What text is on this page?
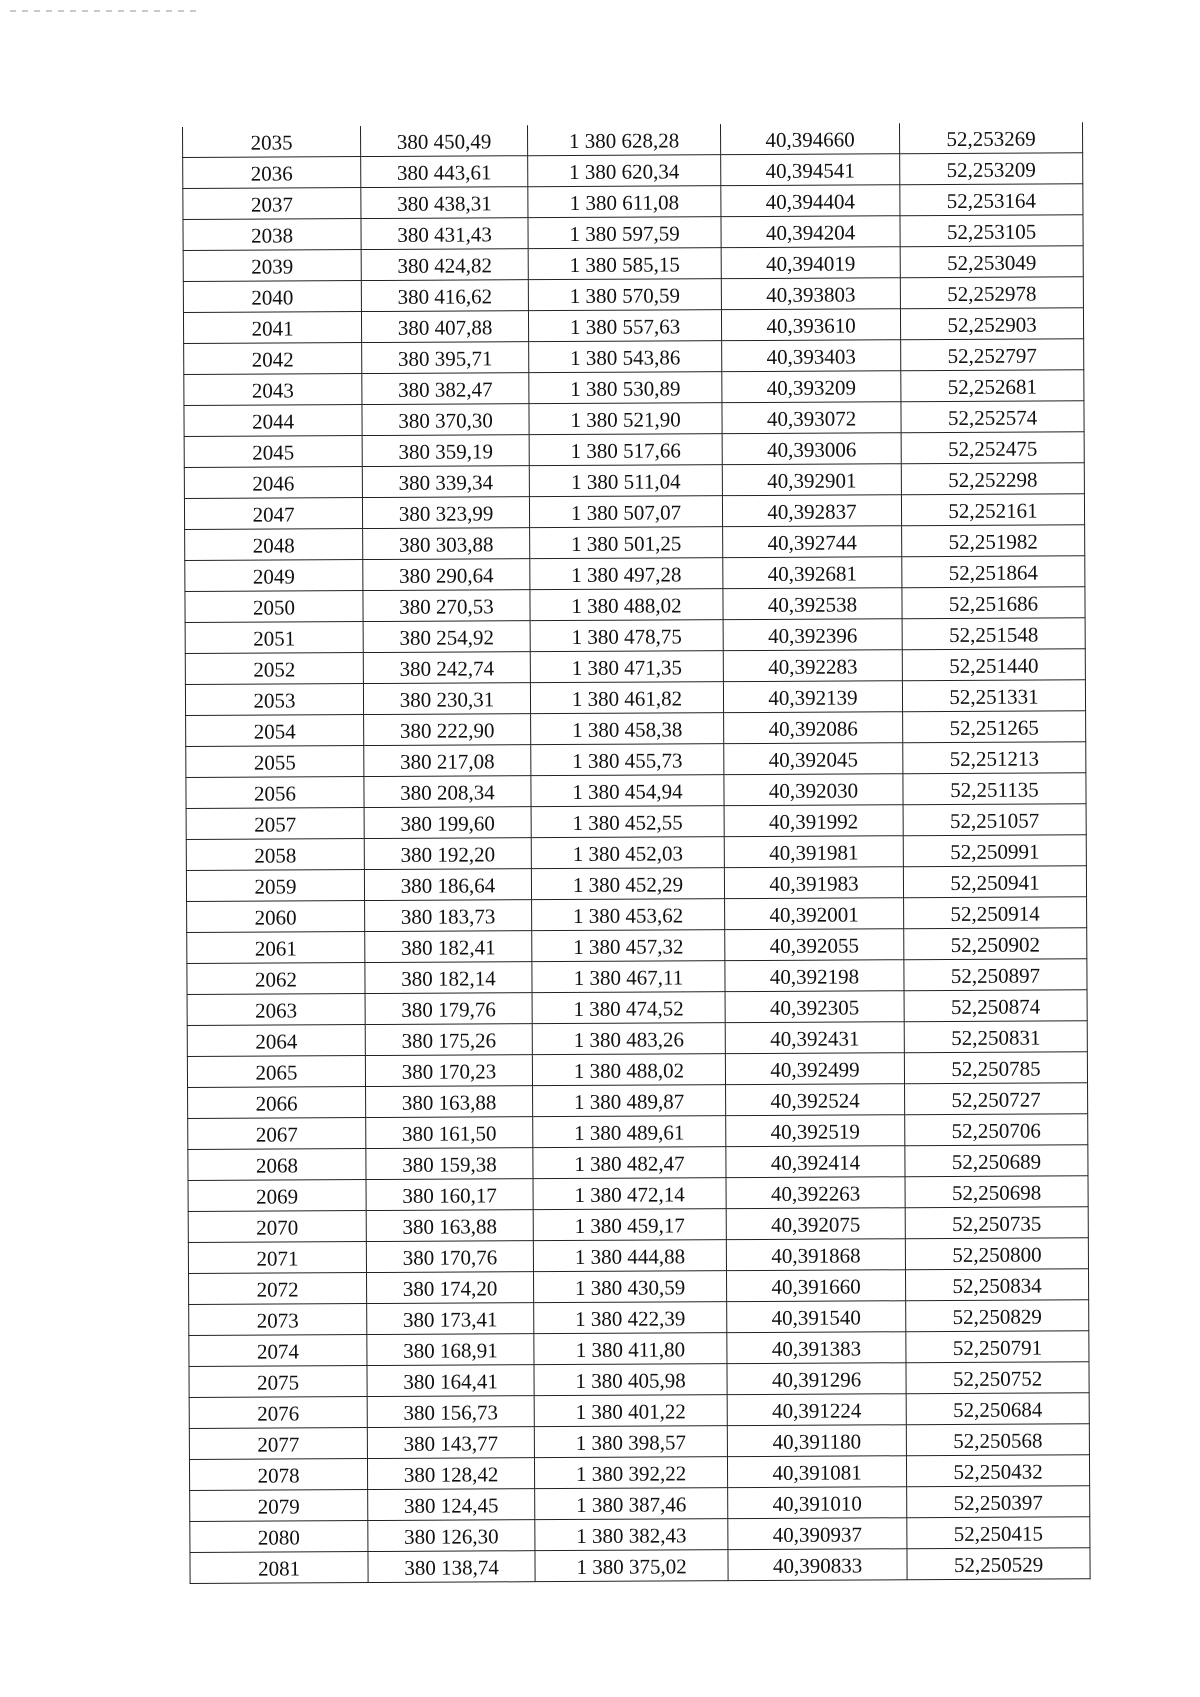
2035	380 450,49	1 380 628,28	40,394660	52,253269
2036	380 443,61	1 380 620,34	40,394541	52,253209
2037	380 438,31	1 380 611,08	40,394404	52,253164
2038	380 431,43	1 380 597,59	40,394204	52,253105
2039	380 424,82	1 380 585,15	40,394019	52,253049
2040	380 416,62	1 380 570,59	40,393803	52,252978
2041	380 407,88	1 380 557,63	40,393610	52,252903
2042	380 395,71	1 380 543,86	40,393403	52,252797
2043	380 382,47	1 380 530,89	40,393209	52,252681
2044	380 370,30	1 380 521,90	40,393072	52,252574
2045	380 359,19	1 380 517,66	40,393006	52,252475
2046	380 339,34	1 380 511,04	40,392901	52,252298
2047	380 323,99	1 380 507,07	40,392837	52,252161
2048	380 303,88	1 380 501,25	40,392744	52,251982
2049	380 290,64	1 380 497,28	40,392681	52,251864
2050	380 270,53	1 380 488,02	40,392538	52,251686
2051	380 254,92	1 380 478,75	40,392396	52,251548
2052	380 242,74	1 380 471,35	40,392283	52,251440
2053	380 230,31	1 380 461,82	40,392139	52,251331
2054	380 222,90	1 380 458,38	40,392086	52,251265
2055	380 217,08	1 380 455,73	40,392045	52,251213
2056	380 208,34	1 380 454,94	40,392030	52,251135
2057	380 199,60	1 380 452,55	40,391992	52,251057
2058	380 192,20	1 380 452,03	40,391981	52,250991
2059	380 186,64	1 380 452,29	40,391983	52,250941
2060	380 183,73	1 380 453,62	40,392001	52,250914
2061	380 182,41	1 380 457,32	40,392055	52,250902
2062	380 182,14	1 380 467,11	40,392198	52,250897
2063	380 179,76	1 380 474,52	40,392305	52,250874
2064	380 175,26	1 380 483,26	40,392431	52,250831
2065	380 170,23	1 380 488,02	40,392499	52,250785
2066	380 163,88	1 380 489,87	40,392524	52,250727
2067	380 161,50	1 380 489,61	40,392519	52,250706
2068	380 159,38	1 380 482,47	40,392414	52,250689
2069	380 160,17	1 380 472,14	40,392263	52,250698
2070	380 163,88	1 380 459,17	40,392075	52,250735
2071	380 170,76	1 380 444,88	40,391868	52,250800
2072	380 174,20	1 380 430,59	40,391660	52,250834
2073	380 173,41	1 380 422,39	40,391540	52,250829
2074	380 168,91	1 380 411,80	40,391383	52,250791
2075	380 164,41	1 380 405,98	40,391296	52,250752
2076	380 156,73	1 380 401,22	40,391224	52,250684
2077	380 143,77	1 380 398,57	40,391180	52,250568
2078	380 128,42	1 380 392,22	40,391081	52,250432
2079	380 124,45	1 380 387,46	40,391010	52,250397
2080	380 126,30	1 380 382,43	40,390937	52,250415
2081	380 138,74	1 380 375,02	40,390833	52,250529
